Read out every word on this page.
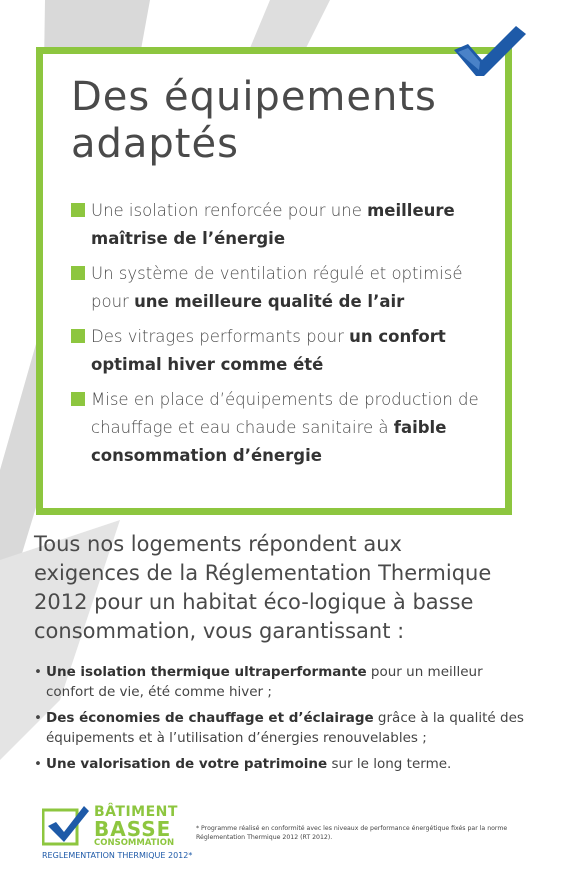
Des équipements
adaptés
Une isolation renforcée pour une meilleure maîtrise de l’énergie
Un système de ventilation régulé et optimisé pour une meilleure qualité de l’air
Des vitrages performants pour un confort optimal hiver comme été
Mise en place d’équipements de production de chauffage et eau chaude sanitaire à faible consommation d’énergie

Tous nos logements répondent aux exigences de la Réglementation Thermique 2012 pour un habitat éco-logique à basse consommation, vous garantissant :

• Une isolation thermique ultraperformante pour un meilleur confort de vie, été comme hiver ;
• Des économies de chauffage et d’éclairage grâce à la qualité des équipements et à l’utilisation d’énergies renouvelables ;
• Une valorisation de votre patrimoine sur le long terme.
BÂTIMENT
BASSE
CONSOMMATION
REGLEMENTATION THERMIQUE 2012*
* Programme réalisé en conformité avec les niveaux de performance énergétique fixés par la norme Réglementation Thermique 2012 (RT 2012).
